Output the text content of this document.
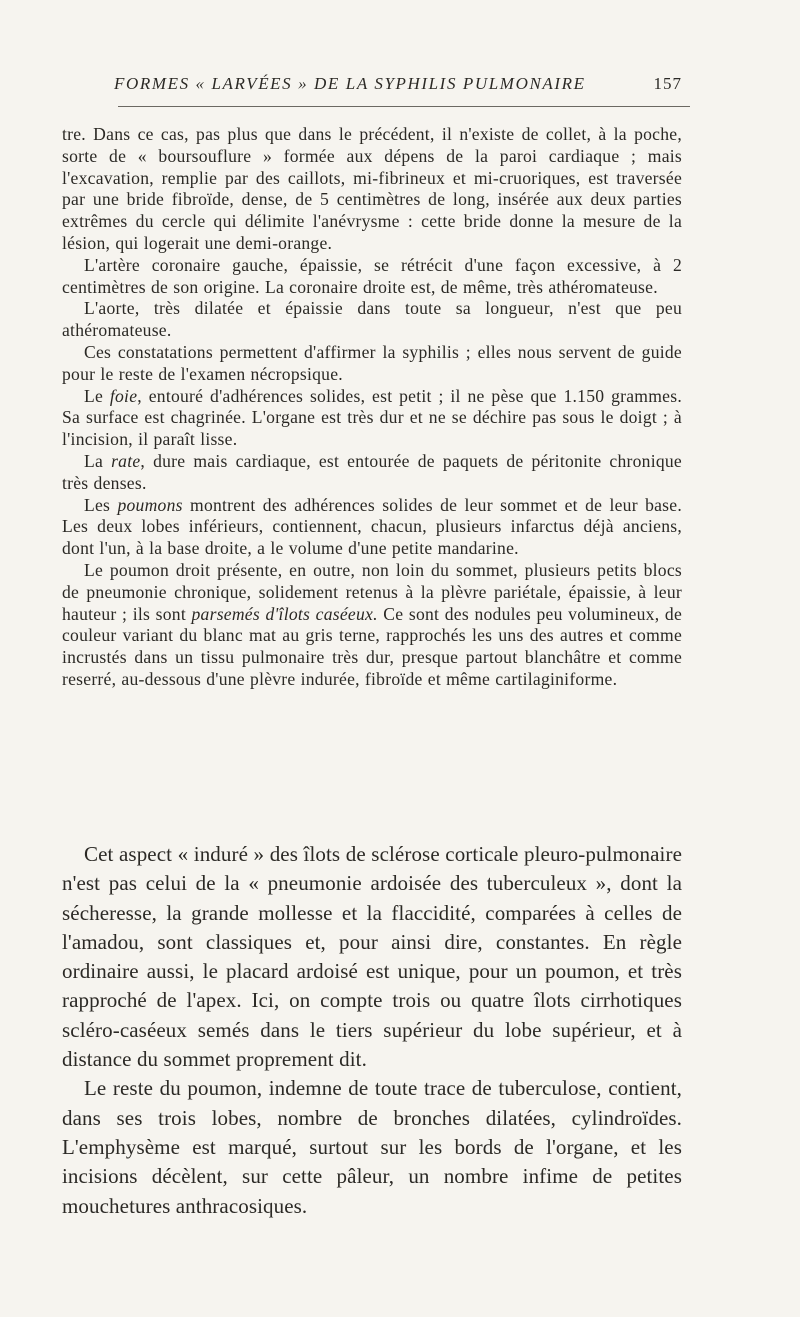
FORMES « LARVÉES » DE LA SYPHILIS PULMONAIRE	157

tre. Dans ce cas, pas plus que dans le précédent, il n'existe de collet, à la poche, sorte de « boursouflure » formée aux dépens de la paroi cardiaque ; mais l'excavation, remplie par des caillots, mi-fibrineux et mi-cruoriques, est traversée par une bride fibroïde, dense, de 5 centimètres de long, insérée aux deux parties extrêmes du cercle qui délimite l'anévrysme : cette bride donne la mesure de la lésion, qui logerait une demi-orange.

L'artère coronaire gauche, épaissie, se rétrécit d'une façon excessive, à 2 centimètres de son origine. La coronaire droite est, de même, très athéromateuse.

L'aorte, très dilatée et épaissie dans toute sa longueur, n'est que peu athéromateuse.

Ces constatations permettent d'affirmer la syphilis ; elles nous servent de guide pour le reste de l'examen nécropsique.

Le foie, entouré d'adhérences solides, est petit ; il ne pèse que 1.150 grammes. Sa surface est chagrinée. L'organe est très dur et ne se déchire pas sous le doigt ; à l'incision, il paraît lisse.

La rate, dure mais cardiaque, est entourée de paquets de péritonite chronique très denses.

Les poumons montrent des adhérences solides de leur sommet et de leur base. Les deux lobes inférieurs, contiennent, chacun, plusieurs infarctus déjà anciens, dont l'un, à la base droite, a le volume d'une petite mandarine.

Le poumon droit présente, en outre, non loin du sommet, plusieurs petits blocs de pneumonie chronique, solidement retenus à la plèvre pariétale, épaissie, à leur hauteur ; ils sont parsemés d'îlots caséeux. Ce sont des nodules peu volumineux, de couleur variant du blanc mat au gris terne, rapprochés les uns des autres et comme incrustés dans un tissu pulmonaire très dur, presque partout blanchâtre et comme reserré, au-dessous d'une plèvre indurée, fibroïde et même cartilaginiforme.

Cet aspect « induré » des îlots de sclérose corticale pleuro-pulmonaire n'est pas celui de la « pneumonie ardoisée des tuberculeux », dont la sécheresse, la grande mollesse et la flaccidité, comparées à celles de l'amadou, sont classiques et, pour ainsi dire, constantes. En règle ordinaire aussi, le placard ardoisé est unique, pour un poumon, et très rapproché de l'apex. Ici, on compte trois ou quatre îlots cirrhotiques scléro-caséeux semés dans le tiers supérieur du lobe supérieur, et à distance du sommet proprement dit.

Le reste du poumon, indemne de toute trace de tuberculose, contient, dans ses trois lobes, nombre de bronches dilatées, cylindroïdes. L'emphysème est marqué, surtout sur les bords de l'organe, et les incisions décèlent, sur cette pâleur, un nombre infime de petites mouchetures anthracosiques.
